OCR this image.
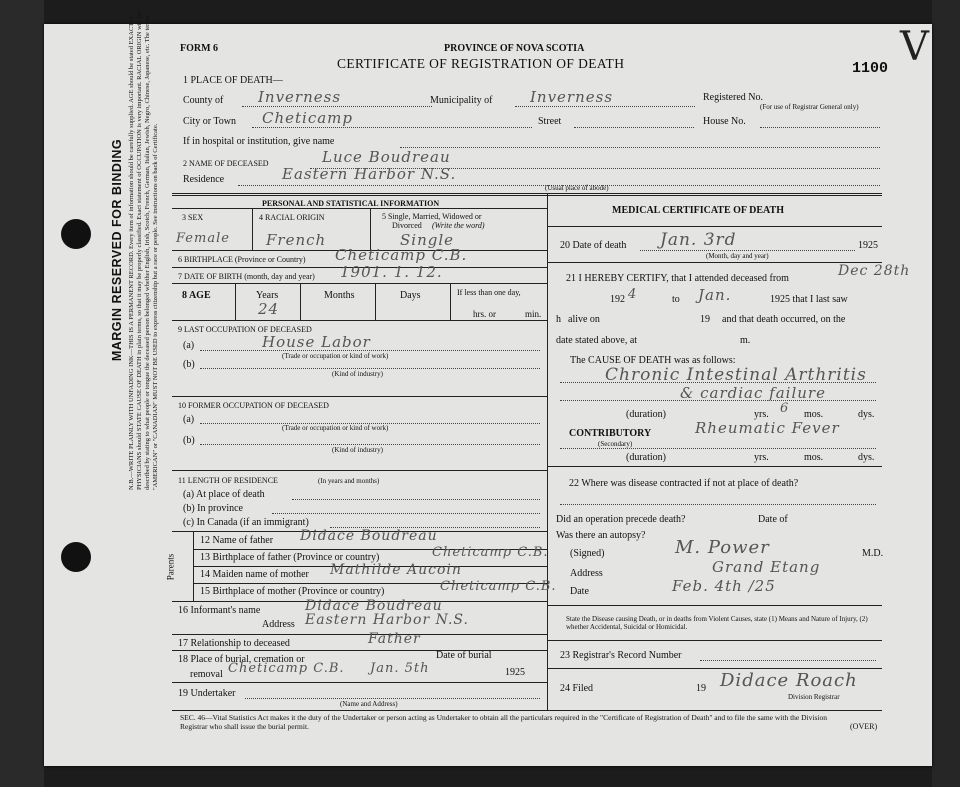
MARGIN RESERVED FOR BINDING N.B.—WRITE PLAINLY WITH UNFADING INK—THIS IS A PERMANENT RECORD. Every item of information should be carefully supplied. AGE should be stated EXACTLY. PHYSICIANS should STATE CAUSE OF DEATH in plain terms, so that it may be properly classified. Exact statement of OCCUPATION is very important. RACIAL ORIGIN will be described by stating to what people or tongue the deceased person belonged whether English, Irish, Scotch, French, German, Italian, Jewish, Negro, Chinese, Japanese, etc. The terms "AMERICAN" or "CANADIAN" MUST NOT BE USED to express citizenship but a race or people. See instructions on back of Certificate.
FORM 6	PROVINCE OF NOVA SCOTIA
CERTIFICATE OF REGISTRATION OF DEATH	1100 V
1 PLACE OF DEATH—
County of Inverness	Municipality of	Inverness	Registered No.
(For use of Registrar General only)
City or Town Cheticamp	Street	House No.
If in hospital or institution, give name
2 NAME OF DECEASED	Luce Boudreau
Residence	Eastern Harbor N.S.
(Usual place of abode)
PERSONAL AND STATISTICAL INFORMATION
3 SEX	4 RACIAL ORIGIN	5 Single, Married, Widowed or
Divorced (Write the word)
Female French	Single
6 BIRTHPLACE (Province or Country) Cheticamp C.B.
7 DATE OF BIRTH (month, day and year) 1901. 1. 12.
8 AGE	Years
24
Months	Days	If less than one day,
hrs. or	min.
9 LAST OCCUPATION OF DECEASED
(a)	House Labor
(Trade or occupation or kind of work)
(b)
(Kind of industry)
10 FORMER OCCUPATION OF DECEASED
(a)
(Trade or occupation or kind of work)
(b)
(Kind of industry)
11 LENGTH OF RESIDENCE	(In years and months)
(a) At place of death
(b) In province
(c) In Canada (if an immigrant)
Parents
12 Name of father Didace Boudreau
13 Birthplace of father (Province or country)	Cheticamp C.B.
14 Maiden name of mother Mathilde Aucoin
15 Birthplace of mother (Province or country)	Cheticamp C.B.
16 Informant's name	Didace Boudreau
Address Eastern Harbor N.S.
17 Relationship to deceased	Father
18 Place of burial, cremation or	Date of burial
removal Cheticamp C.B. Jan. 5th	1925
19 Undertaker
(Name and Address)
MEDICAL CERTIFICATE OF DEATH
20 Date of death Jan. 3rd	1925
(Month, day and year)
21 I HEREBY CERTIFY, that I attended deceased from	Dec 28th
192 4	to Jan.	1925 that I last saw
h alive on	19 and that death occurred, on the
date stated above, at	m.
The CAUSE OF DEATH was as follows:
Chronic Intestinal Arthritis
& cardiac failure
(duration)	yrs. 6 mos.	dys.
CONTRIBUTORY
(Secondary)
Rheumatic Fever
(duration)	yrs.	mos.	dys.
22 Where was disease contracted if not at place of death?
Did an operation precede death?	Date of
Was there an autopsy?
(Signed)	M. Power	M.D.
Address	Grand Etang
Date	Feb. 4th /25
State the Disease causing Death, or in deaths from Violent Causes, state (1) Means and Nature of Injury, (2) whether Accidental, Suicidal or Homicidal.
23 Registrar's Record Number
24 Filed	19 Didace Roach
Division Registrar
SEC. 46—Vital Statistics Act makes it the duty of the Undertaker or person acting as Undertaker to obtain all the particulars required in the "Certificate of Registration of Death" and to file the same with the Division Registrar who shall issue the burial permit.	(OVER)
